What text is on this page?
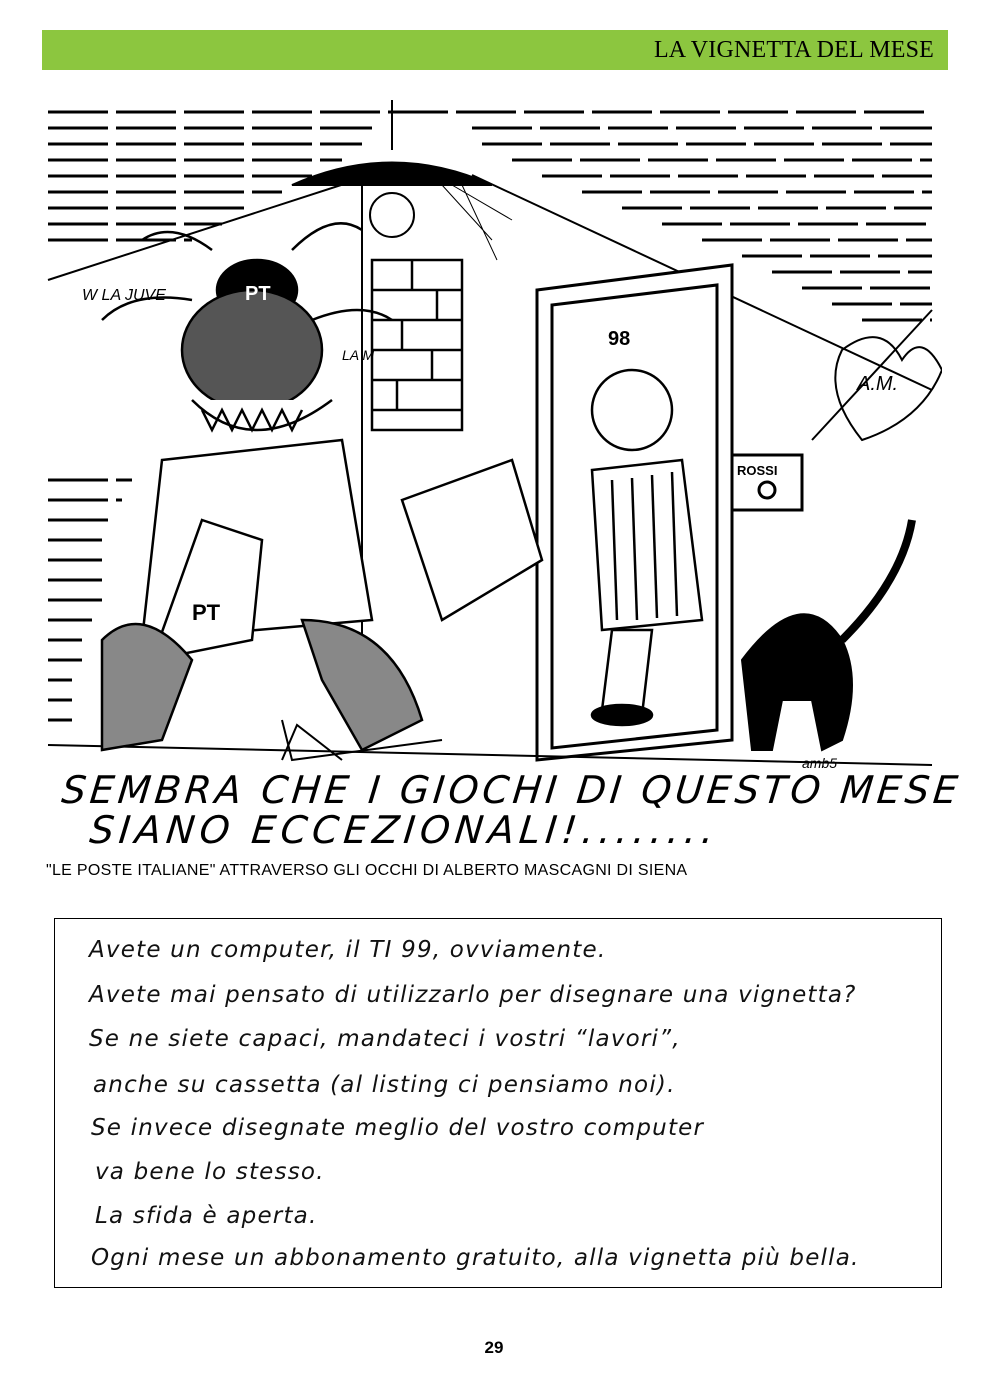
LA VIGNETTA DEL MESE
98
ROSSI
PT
PT
W LA JUVE
LA M
A.M.
amb5
SEMBRA CHE I GIOCHI DI QUESTO MESE
SIANO ECCEZIONALI!........
"LE POSTE ITALIANE" ATTRAVERSO GLI OCCHI DI ALBERTO MASCAGNI DI SIENA
Avete un computer, il TI 99, ovviamente.
Avete mai pensato di utilizzarlo per disegnare una vignetta?
Se ne siete capaci, mandateci i vostri “lavori”,
anche su cassetta (al listing ci pensiamo noi).
Se invece disegnate meglio del vostro computer
va bene lo stesso.
La sfida è aperta.
Ogni mese un abbonamento gratuito, alla vignetta più bella.
29
